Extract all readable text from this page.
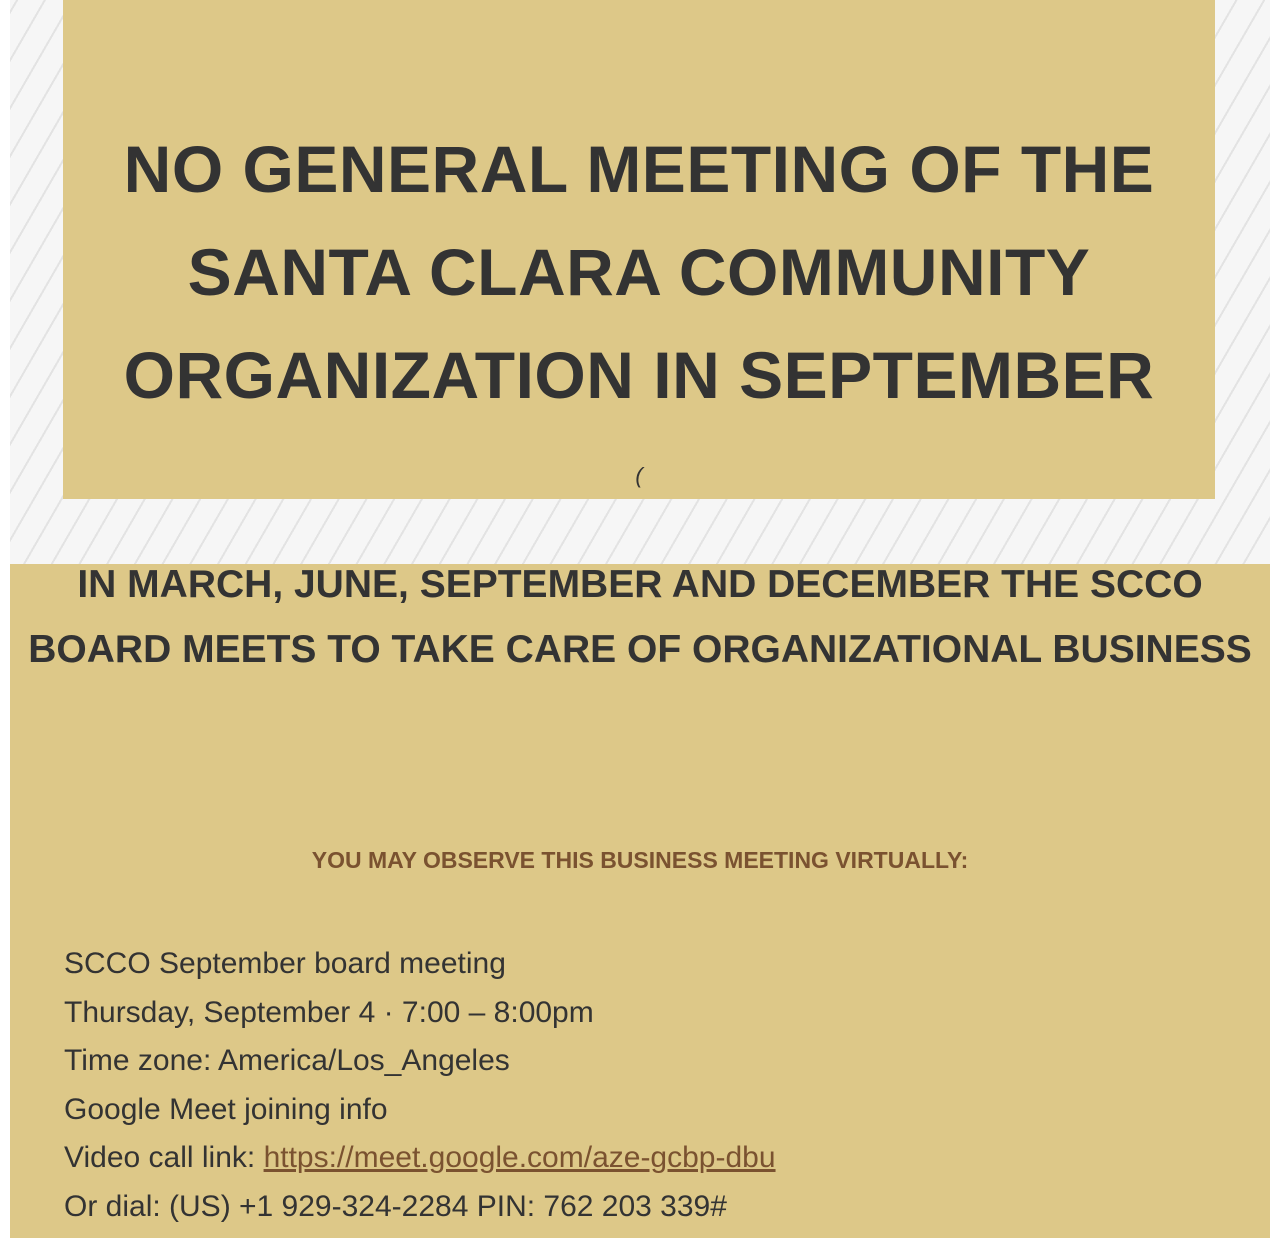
NO GENERAL MEETING OF THE SANTA CLARA COMMUNITY ORGANIZATION IN SEPTEMBER
(
IN MARCH, JUNE, SEPTEMBER AND DECEMBER THE SCCO BOARD MEETS TO TAKE CARE OF ORGANIZATIONAL BUSINESS
YOU MAY OBSERVE THIS BUSINESS MEETING VIRTUALLY:
SCCO September board meeting
Thursday, September 4 · 7:00 – 8:00pm
Time zone: America/Los_Angeles
Google Meet joining info
Video call link: https://meet.google.com/aze-gcbp-dbu
Or dial: (US) +1 929-324-2284 PIN: 762 203 339#
